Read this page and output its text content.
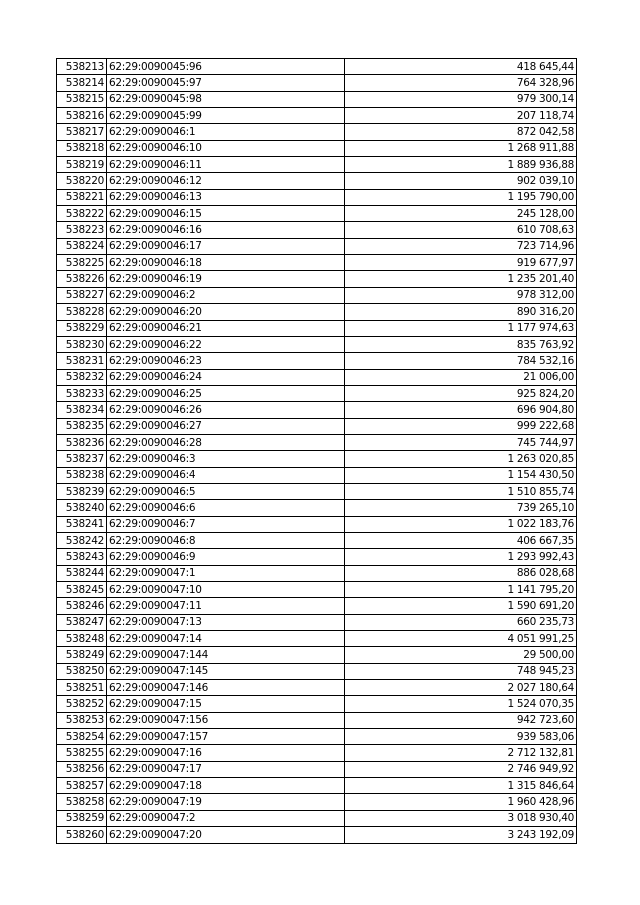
538213	62:29:0090045:96	418 645,44
538214	62:29:0090045:97	764 328,96
538215	62:29:0090045:98	979 300,14
538216	62:29:0090045:99	207 118,74
538217	62:29:0090046:1	872 042,58
538218	62:29:0090046:10	1 268 911,88
538219	62:29:0090046:11	1 889 936,88
538220	62:29:0090046:12	902 039,10
538221	62:29:0090046:13	1 195 790,00
538222	62:29:0090046:15	245 128,00
538223	62:29:0090046:16	610 708,63
538224	62:29:0090046:17	723 714,96
538225	62:29:0090046:18	919 677,97
538226	62:29:0090046:19	1 235 201,40
538227	62:29:0090046:2	978 312,00
538228	62:29:0090046:20	890 316,20
538229	62:29:0090046:21	1 177 974,63
538230	62:29:0090046:22	835 763,92
538231	62:29:0090046:23	784 532,16
538232	62:29:0090046:24	21 006,00
538233	62:29:0090046:25	925 824,20
538234	62:29:0090046:26	696 904,80
538235	62:29:0090046:27	999 222,68
538236	62:29:0090046:28	745 744,97
538237	62:29:0090046:3	1 263 020,85
538238	62:29:0090046:4	1 154 430,50
538239	62:29:0090046:5	1 510 855,74
538240	62:29:0090046:6	739 265,10
538241	62:29:0090046:7	1 022 183,76
538242	62:29:0090046:8	406 667,35
538243	62:29:0090046:9	1 293 992,43
538244	62:29:0090047:1	886 028,68
538245	62:29:0090047:10	1 141 795,20
538246	62:29:0090047:11	1 590 691,20
538247	62:29:0090047:13	660 235,73
538248	62:29:0090047:14	4 051 991,25
538249	62:29:0090047:144	29 500,00
538250	62:29:0090047:145	748 945,23
538251	62:29:0090047:146	2 027 180,64
538252	62:29:0090047:15	1 524 070,35
538253	62:29:0090047:156	942 723,60
538254	62:29:0090047:157	939 583,06
538255	62:29:0090047:16	2 712 132,81
538256	62:29:0090047:17	2 746 949,92
538257	62:29:0090047:18	1 315 846,64
538258	62:29:0090047:19	1 960 428,96
538259	62:29:0090047:2	3 018 930,40
538260	62:29:0090047:20	3 243 192,09
